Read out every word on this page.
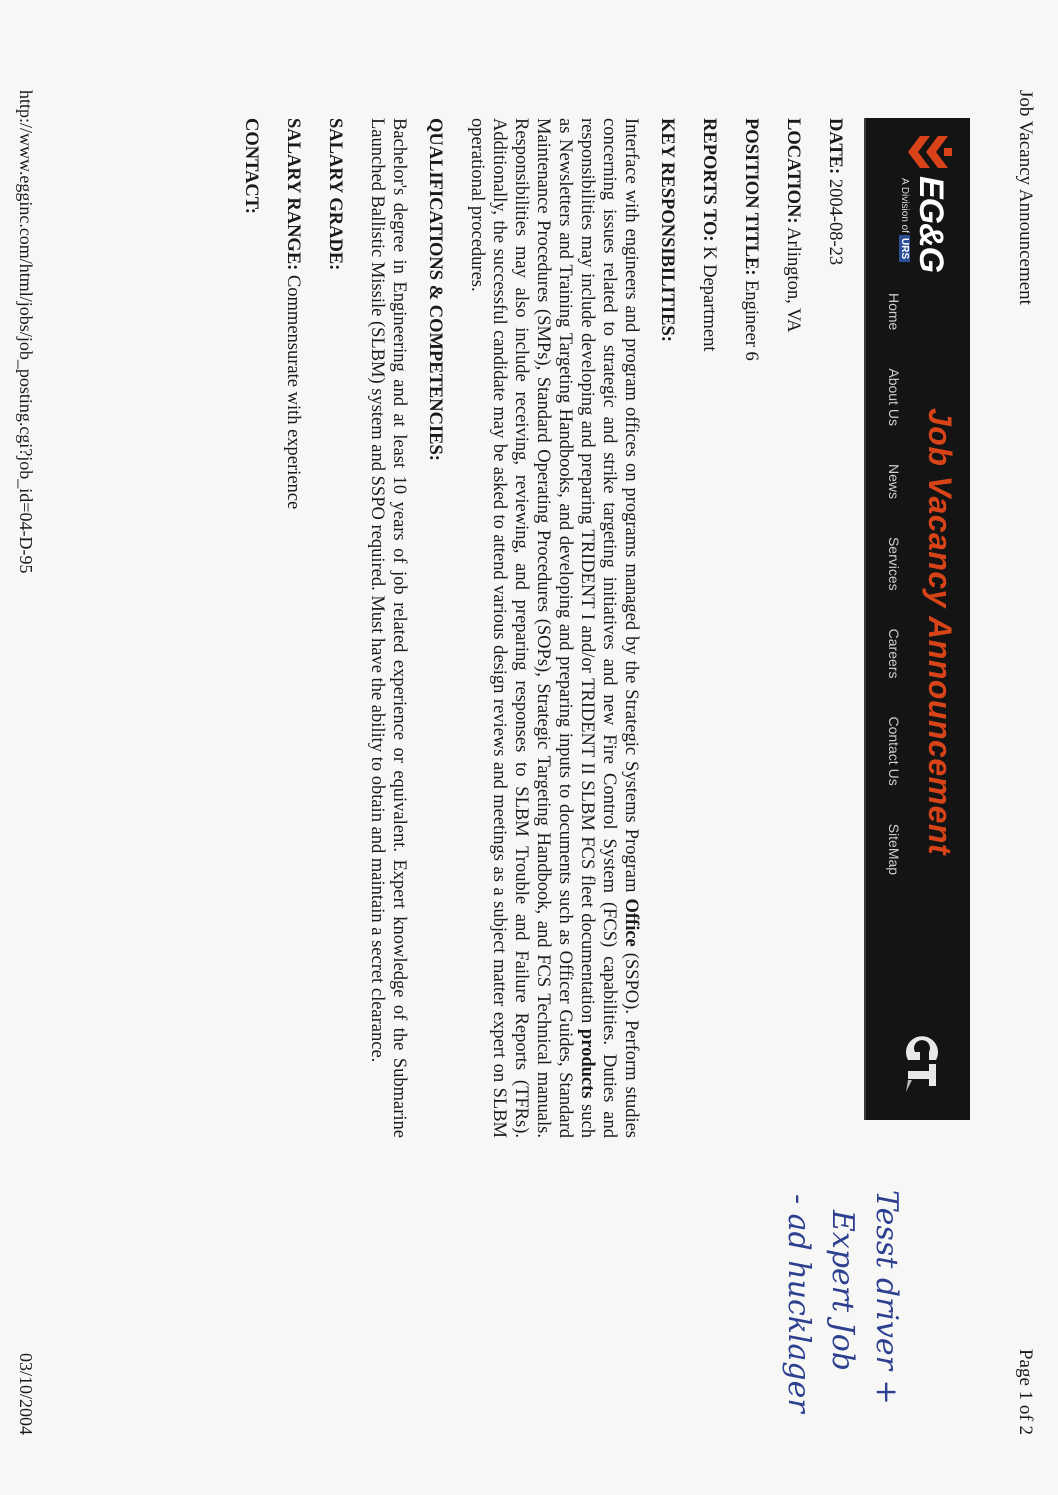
Job Vacancy Announcement
Page 1 of 2
EG&G
A Division ofURS
Job Vacancy Announcement
Home
About Us
News
Services
Careers
Contact Us
SiteMap
DATE: 2004-08-23
LOCATION: Arlington, VA
POSITION TITLE: Engineer 6
REPORTS TO: K Department
KEY RESPONSIBILITIES:

Interface with engineers and program offices on programs managed by the Strategic Systems Program Office (SSPO). Perform studies concerning issues related to strategic and strike targeting initiatives and new Fire Control System (FCS) capabilities. Duties and responsibilities may include developing and preparing TRIDENT I and/or TRIDENT II SLBM FCS fleet documentation products such as Newsletters and Training Targeting Handbooks, and developing and preparing inputs to documents such as Officer Guides, Standard Maintenance Procedures (SMPs), Standard Operating Procedures (SOPs), Strategic Targeting Handbook, and FCS Technical manuals. Responsibilities may also include receiving, reviewing, and preparing responses to SLBM Trouble and Failure Reports (TFRs). Additionally, the successful candidate may be asked to attend various design reviews and meetings as a subject matter expert on SLBM operational procedures.

QUALIFICATIONS & COMPETENCIES:

Bachelor's degree in Engineering and at least 10 years of job related experience or equivalent. Expert knowledge of the Submarine Launched Ballistic Missile (SLBM) system and SSPO required. Must have the ability to obtain and maintain a secret clearance.

SALARY GRADE:
SALARY RANGE: Commensurate with experience
CONTACT:
Tesst driver +
Expert Job
- ad hucklager
http://www.egginc.com/html/jobs/job_posting.cgi?job_id=04-D-95
03/10/2004
